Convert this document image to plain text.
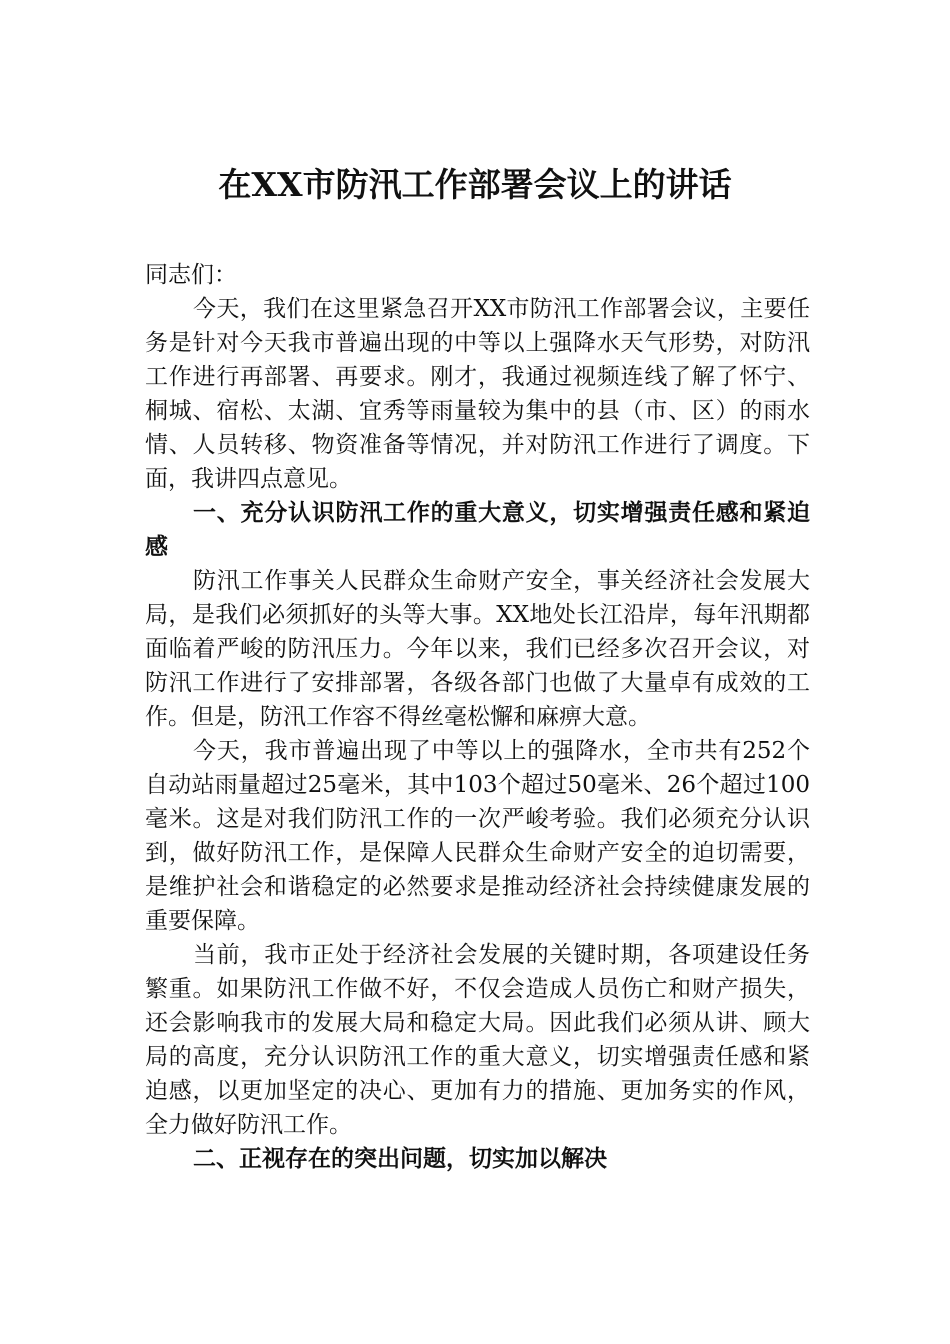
在XX市防汛工作部署会议上的讲话

同志们：

今天，我们在这里紧急召开XX市防汛工作部署会议，主要任务是针对今天我市普遍出现的中等以上强降水天气形势，对防汛工作进行再部署、再要求。刚才，我通过视频连线了解了怀宁、桐城、宿松、太湖、宜秀等雨量较为集中的县（市、区）的雨水情、人员转移、物资准备等情况，并对防汛工作进行了调度。下面，我讲四点意见。

一、充分认识防汛工作的重大意义，切实增强责任感和紧迫感

防汛工作事关人民群众生命财产安全，事关经济社会发展大局，是我们必须抓好的头等大事。XX地处长江沿岸，每年汛期都面临着严峻的防汛压力。今年以来，我们已经多次召开会议，对防汛工作进行了安排部署，各级各部门也做了大量卓有成效的工作。但是，防汛工作容不得丝毫松懈和麻痹大意。

今天，我市普遍出现了中等以上的强降水，全市共有252个自动站雨量超过25毫米，其中103个超过50毫米、26个超过100毫米。这是对我们防汛工作的一次严峻考验。我们必须充分认识到，做好防汛工作，是保障人民群众生命财产安全的迫切需要，是维护社会和谐稳定的必然要求是推动经济社会持续健康发展的重要保障。

当前，我市正处于经济社会发展的关键时期，各项建设任务繁重。如果防汛工作做不好，不仅会造成人员伤亡和财产损失，还会影响我市的发展大局和稳定大局。因此我们必须从讲、顾大局的高度，充分认识防汛工作的重大意义，切实增强责任感和紧迫感，以更加坚定的决心、更加有力的措施、更加务实的作风，全力做好防汛工作。

二、正视存在的突出问题，切实加以解决
